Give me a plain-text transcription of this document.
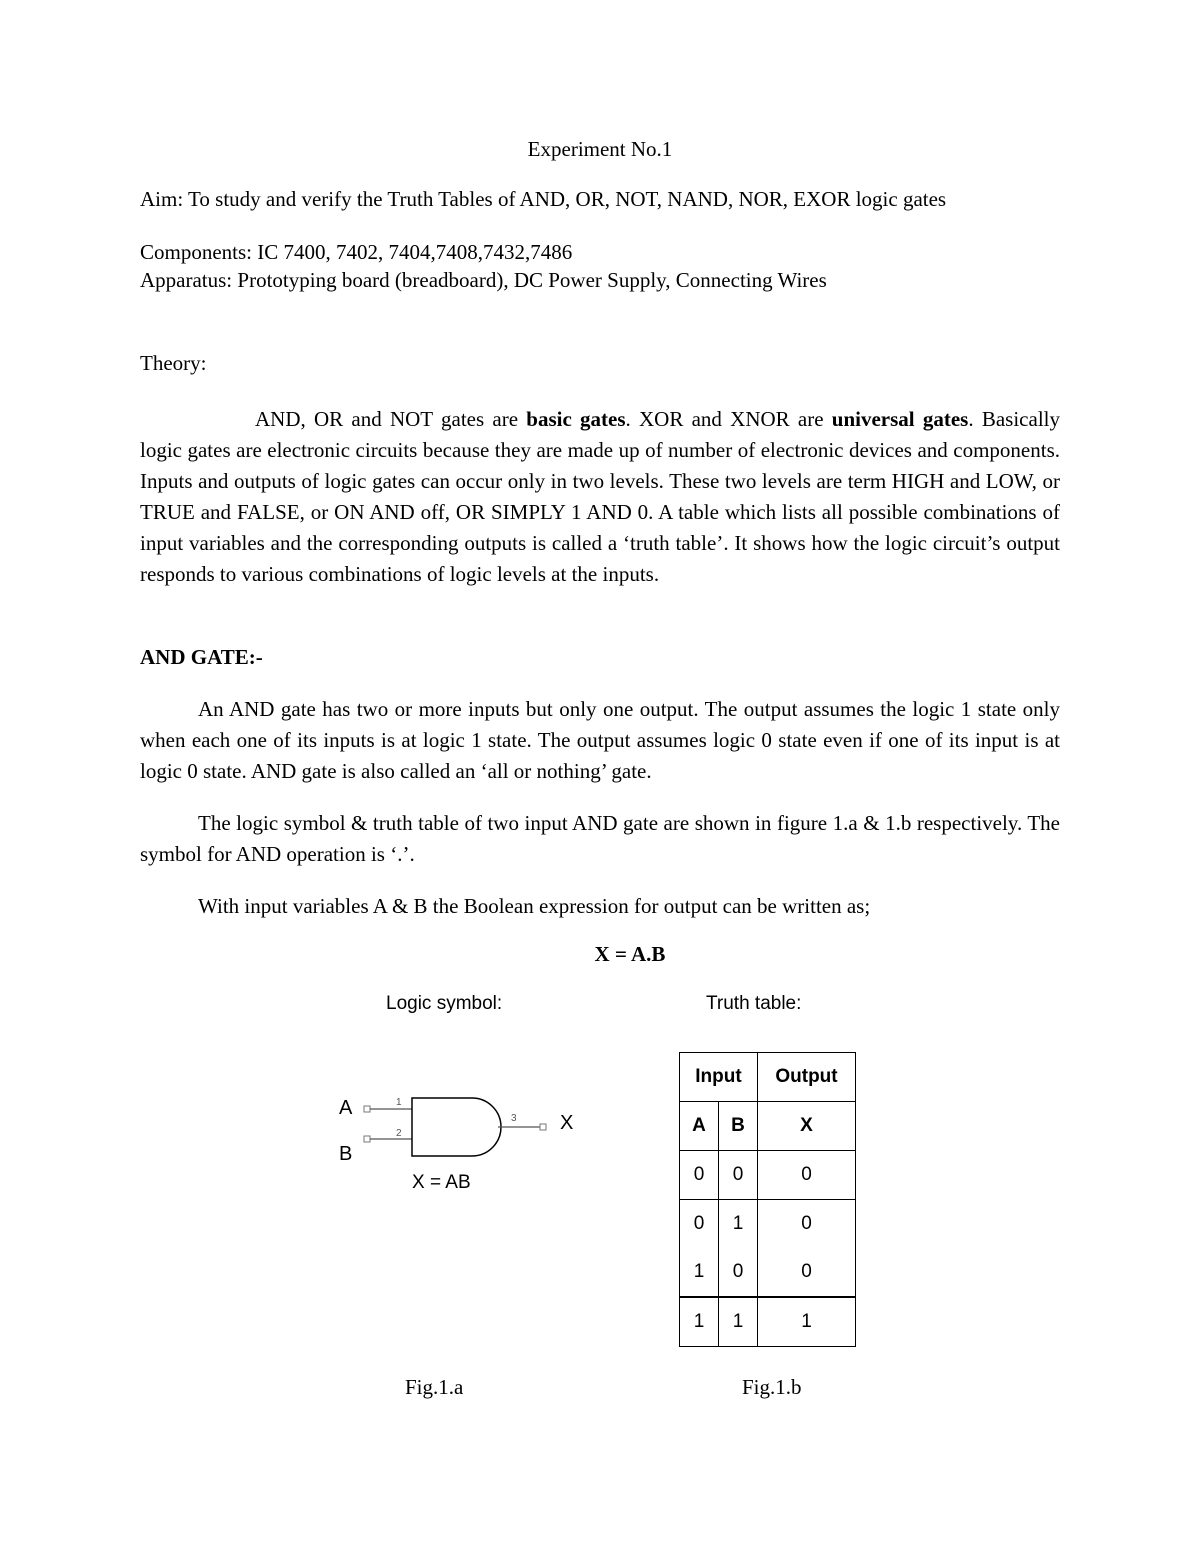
Experiment No.1
Aim: To study and verify the Truth Tables of AND, OR, NOT, NAND, NOR, EXOR logic gates
Components: IC 7400, 7402, 7404,7408,7432,7486
Apparatus: Prototyping board (breadboard), DC Power Supply, Connecting Wires
Theory:
AND, OR and NOT gates are basic gates. XOR and XNOR are universal gates. Basically logic gates are electronic circuits because they are made up of number of electronic devices and components. Inputs and outputs of logic gates can occur only in two levels. These two levels are term HIGH and LOW, or TRUE and FALSE, or ON AND off, OR SIMPLY 1 AND 0. A table which lists all possible combinations of input variables and the corresponding outputs is called a ‘truth table’. It shows how the logic circuit’s output responds to various combinations of logic levels at the inputs.
AND GATE:-
An AND gate has two or more inputs but only one output. The output assumes the logic 1 state only when each one of its inputs is at logic 1 state. The output assumes logic 0 state even if one of its input is at logic 0 state. AND gate is also called an ‘all or nothing’ gate.
The logic symbol & truth table of two input AND gate are shown in figure 1.a & 1.b respectively. The symbol for AND operation is ‘.’.
With input variables A & B the Boolean expression for output can be written as;
X = A.B
Logic symbol:
A
B
X
1
2
3
X = AB
Fig.1.a
Truth table:
Input		Output
A	B	X
0	0	0
0	1	0
1	0	0
1	1	1
Fig.1.b
